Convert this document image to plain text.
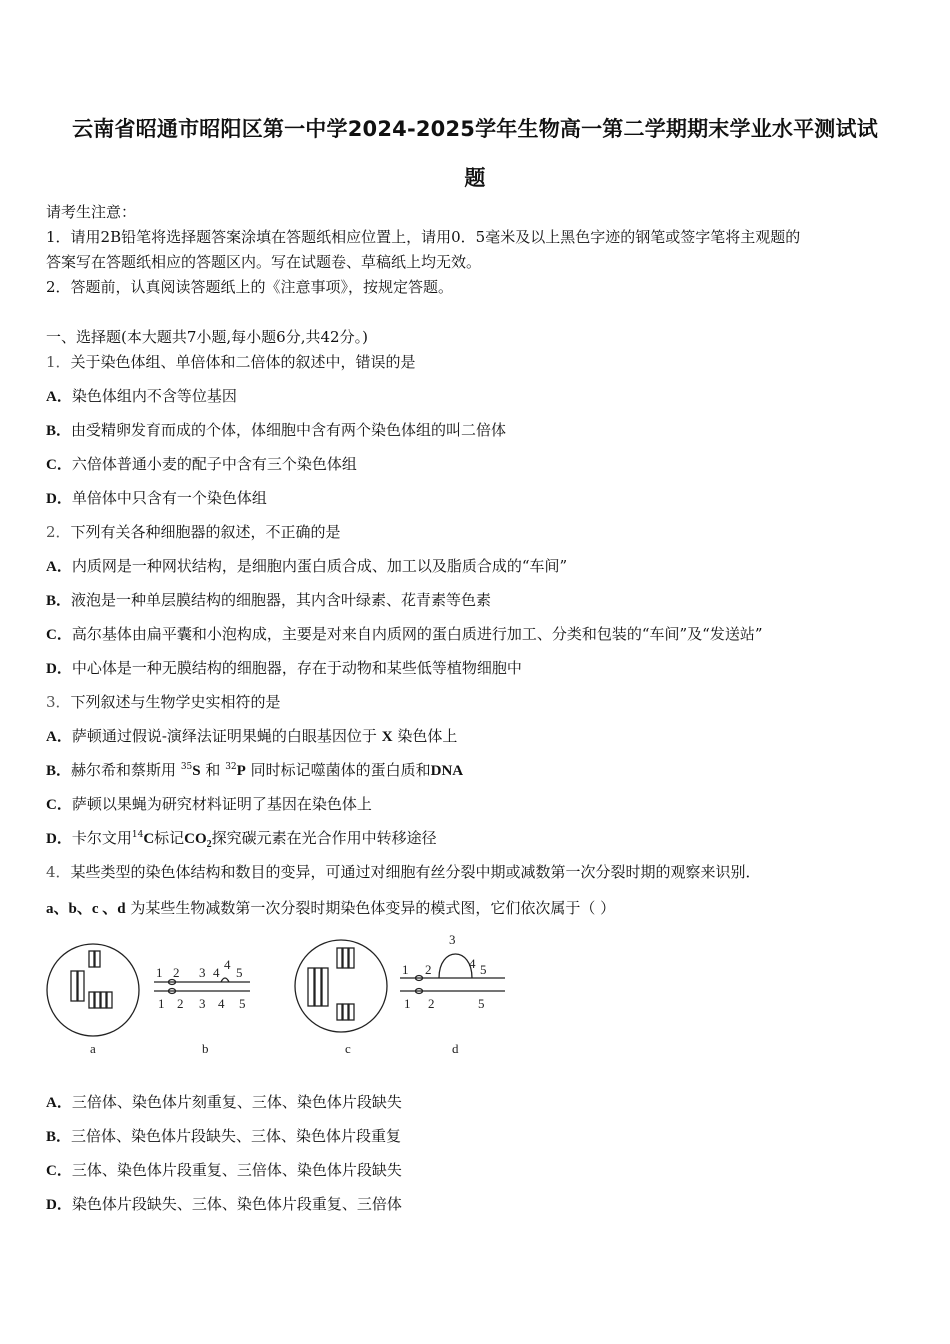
云南省昭通市昭阳区第一中学2024-2025学年生物高一第二学期期末学业水平测试试
题
请考生注意：
1．请用2B铅笔将选择题答案涂填在答题纸相应位置上，请用0．5毫米及以上黑色字迹的钢笔或签字笔将主观题的
答案写在答题纸相应的答题区内。写在试题卷、草稿纸上均无效。
2．答题前，认真阅读答题纸上的《注意事项》，按规定答题。
一、选择题(本大题共7小题,每小题6分,共42分。)
1．关于染色体组、单倍体和二倍体的叙述中，错误的是
A．染色体组内不含等位基因
B．由受精卵发育而成的个体，体细胞中含有两个染色体组的叫二倍体
C．六倍体普通小麦的配子中含有三个染色体组
D．单倍体中只含有一个染色体组
2．下列有关各种细胞器的叙述，不正确的是
A．内质网是一种网状结构，是细胞内蛋白质合成、加工以及脂质合成的“车间”
B．液泡是一种单层膜结构的细胞器，其内含叶绿素、花青素等色素
C．高尔基体由扁平囊和小泡构成，主要是对来自内质网的蛋白质进行加工、分类和包装的“车间”及“发送站”
D．中心体是一种无膜结构的细胞器，存在于动物和某些低等植物细胞中
3．下列叙述与生物学史实相符的是
A．萨顿通过假说-演绎法证明果蝇的白眼基因位于 X 染色体上
B．赫尔希和蔡斯用 $^{35}$S 和 $^{32}$P 同时标记噬菌体的蛋白质和DNA
C．萨顿以果蝇为研究材料证明了基因在染色体上
D．卡尔文用$^{14}$C标记$CO_2$探究碳元素在光合作用中转移途径
4．某些类型的染色体结构和数目的变异，可通过对细胞有丝分裂中期或减数第一次分裂时期的观察来识别．
a、b、c 、d 为某些生物减数第一次分裂时期染色体变异的模式图，它们依次属于（ ）
1 2 3 4
4
5
1 2 3 4 5
1 2
3
4 5
1 2	5
a	b	c	d
A．三倍体、染色体片刻重复、三体、染色体片段缺失
B．三倍体、染色体片段缺失、三体、染色体片段重复
C．三体、染色体片段重复、三倍体、染色体片段缺失
D．染色体片段缺失、三体、染色体片段重复、三倍体
